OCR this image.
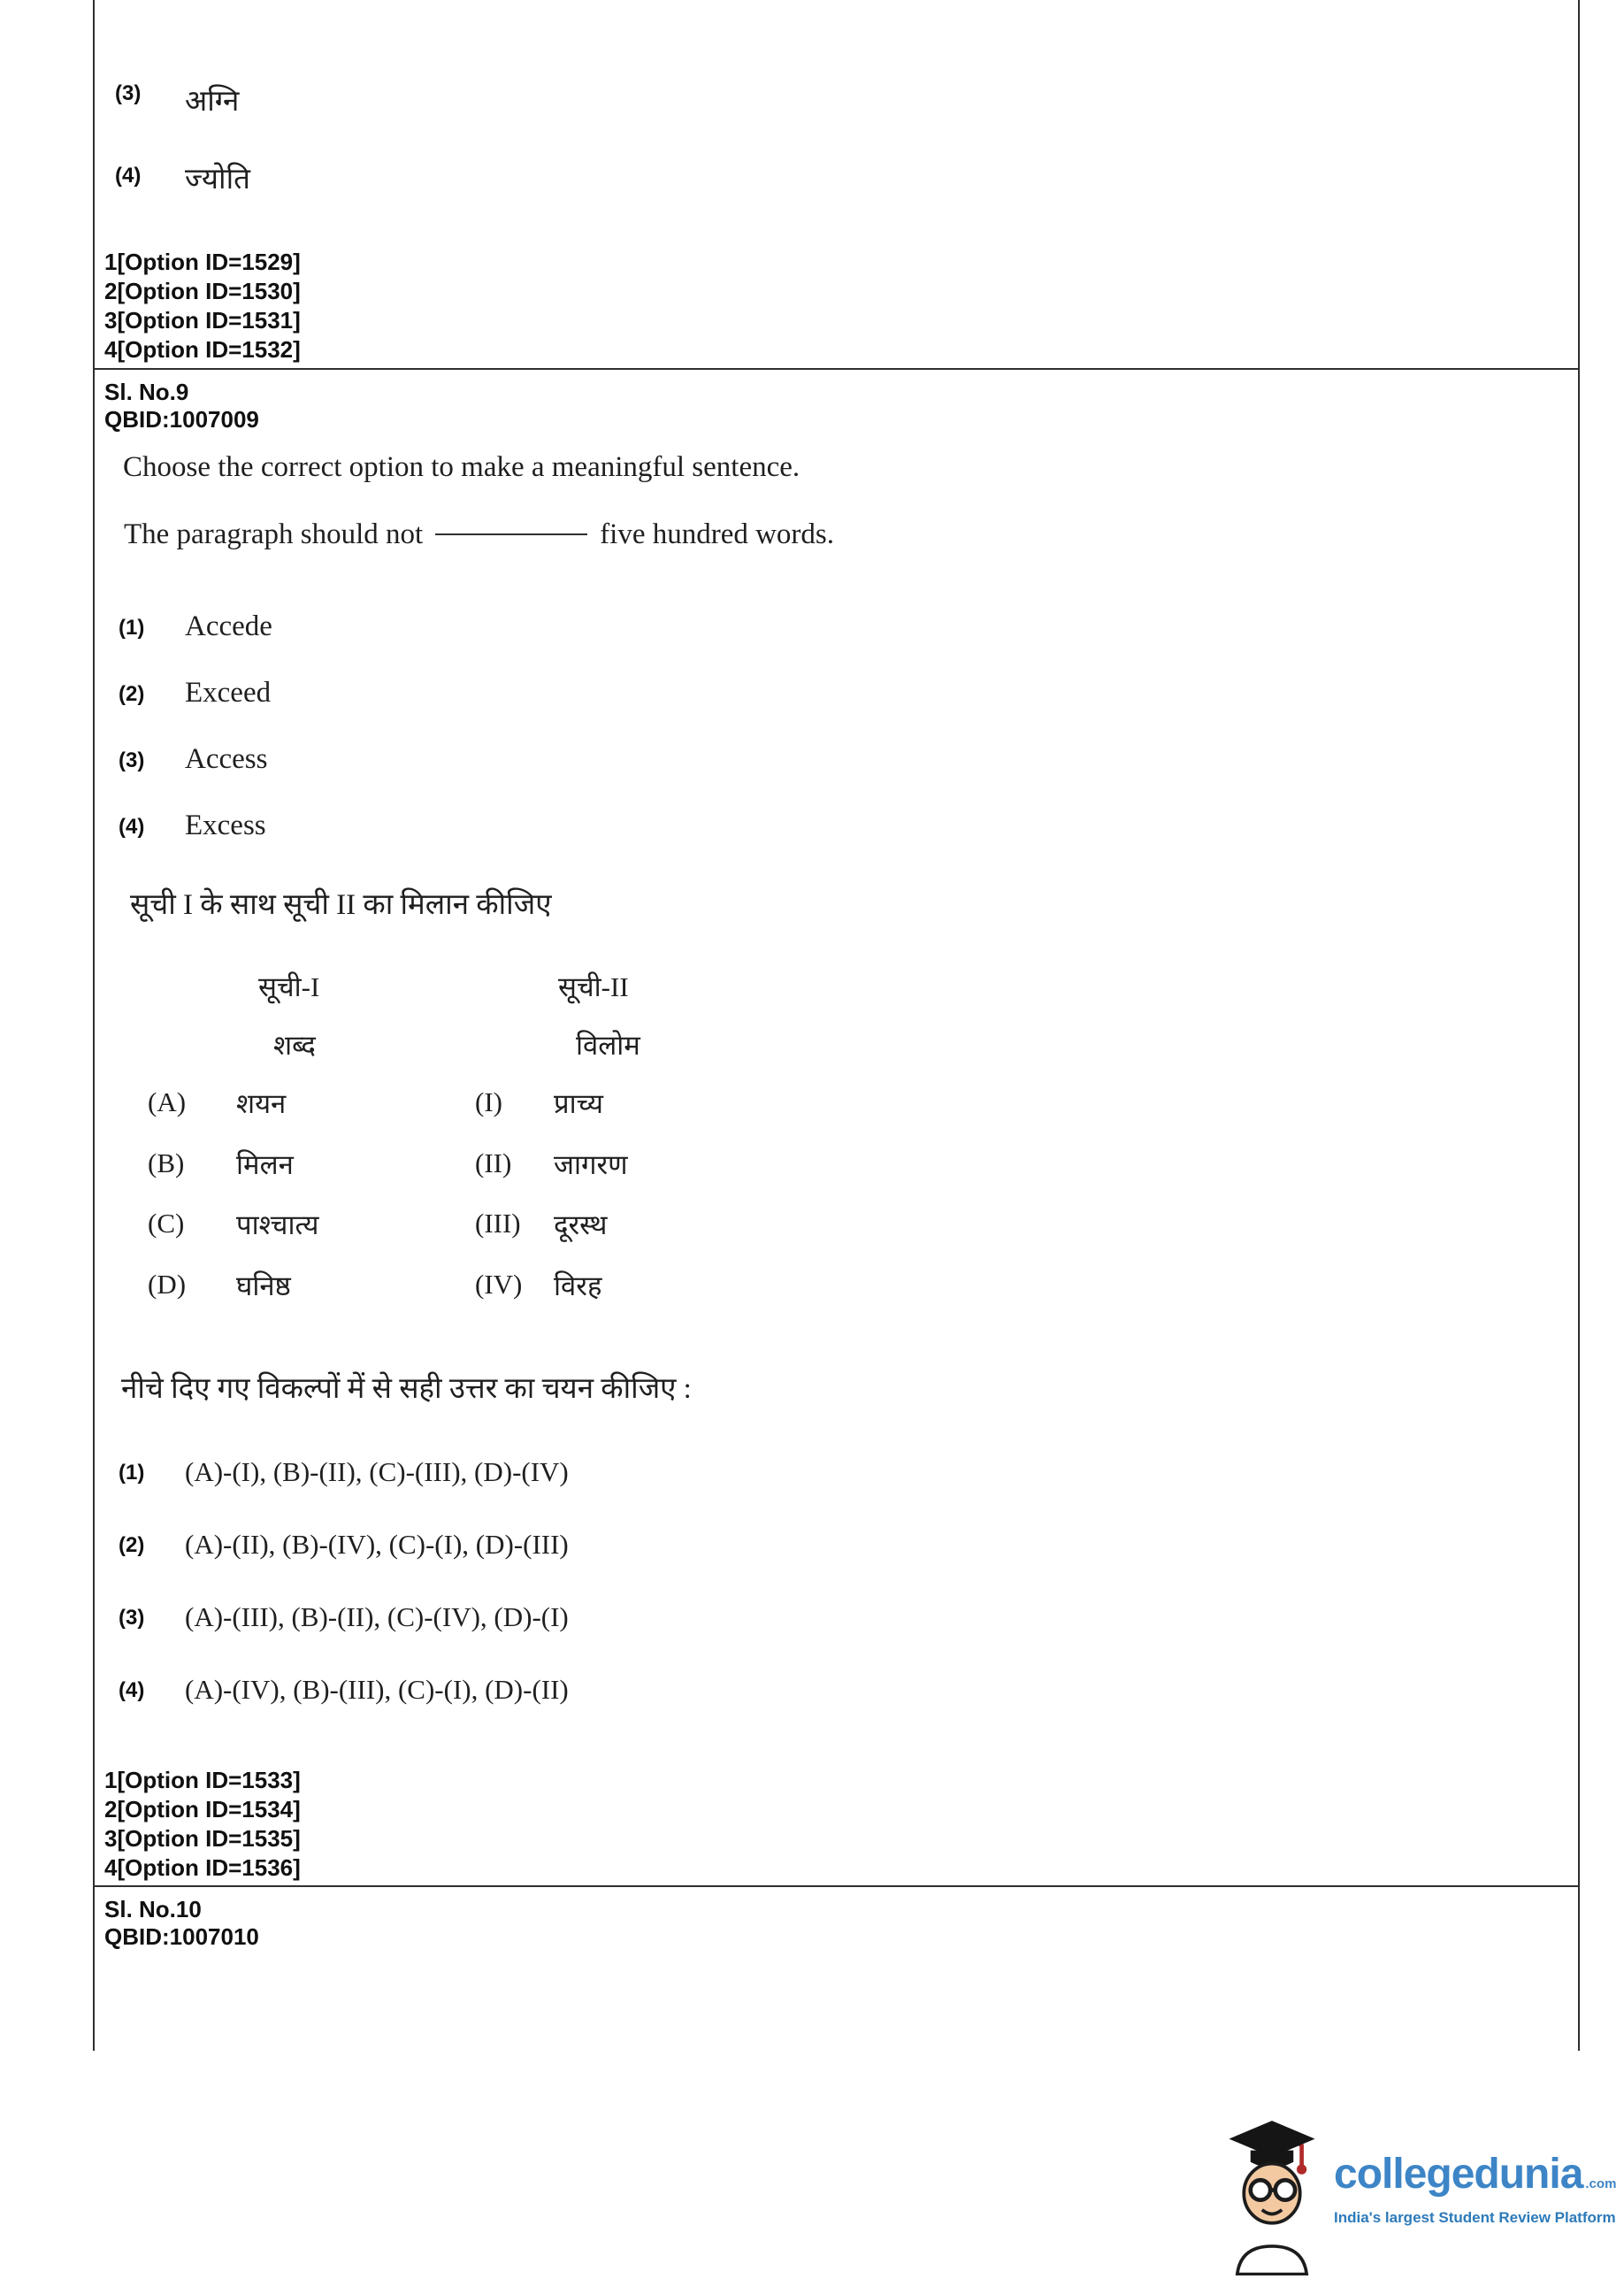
(3) अग्नि
(4) ज्योति
1[Option ID=1529]
2[Option ID=1530]
3[Option ID=1531]
4[Option ID=1532]
Sl. No.9
QBID:1007009
Choose the correct option to make a meaningful sentence.
The paragraph should not	five hundred words.
(1) Accede
(2) Exceed
(3) Access
(4) Excess
सूची I के साथ सूची II का मिलान कीजिए
सूची-I	सूची-II
शब्द	विलोम
(A) शयन	(I) प्राच्य
(B) मिलन	(II) जागरण
(C) पाश्चात्य	(III) दूरस्थ
(D) घनिष्ठ	(IV) विरह
नीचे दिए गए विकल्पों में से सही उत्तर का चयन कीजिए :
(1) (A)-(I), (B)-(II), (C)-(III), (D)-(IV)
(2) (A)-(II), (B)-(IV), (C)-(I), (D)-(III)
(3) (A)-(III), (B)-(II), (C)-(IV), (D)-(I)
(4) (A)-(IV), (B)-(III), (C)-(I), (D)-(II)
1[Option ID=1533]
2[Option ID=1534]
3[Option ID=1535]
4[Option ID=1536]
Sl. No.10
QBID:1007010
collegedunia .com
India's largest Student Review Platform
